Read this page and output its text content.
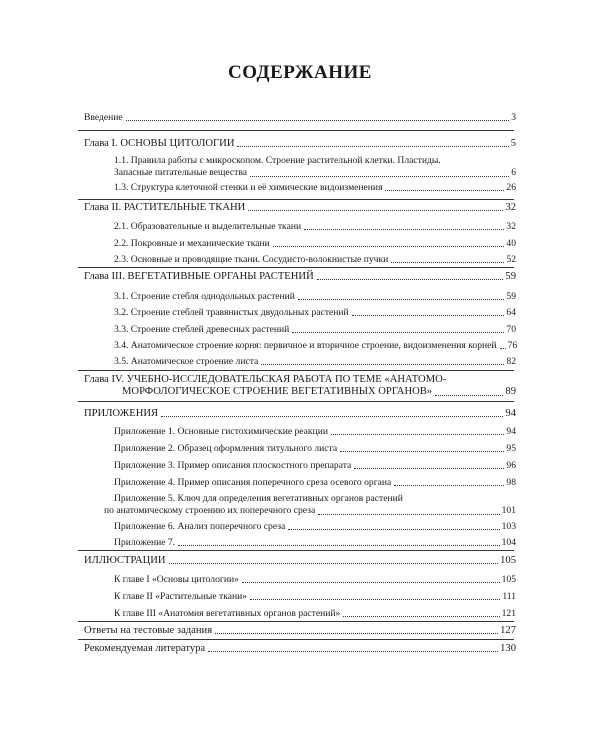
СОДЕРЖАНИЕ
Введение	3
Глава I. ОСНОВЫ ЦИТОЛОГИИ	5
1.1. Правила работы с микроскопом. Строение растительной клетки. Пластиды.
Запасные питательные вещества	6
1.3. Структура клеточной стенки и её химические видоизменения	26
Глава II. РАСТИТЕЛЬНЫЕ ТКАНИ	32
2.1. Образовательные и выделительные ткани	32
2.2. Покровные и механические ткани	40
2.3. Основные и проводящие ткани. Сосудисто-волокнистые пучки	52
Глава III. ВЕГЕТАТИВНЫЕ ОРГАНЫ РАСТЕНИЙ	59
3.1. Строение стебля однодольных растений	59
3.2. Строение стеблей травянистых двудольных растений	64
3.3. Строение стеблей древесных растений	70
3.4. Анатомическое строение корня: первичное и вторичное строение, видоизменения корней 76
3.5. Анатомическое строение листа	82
Глава IV. УЧЕБНО-ИССЛЕДОВАТЕЛЬСКАЯ РАБОТА ПО ТЕМЕ «АНАТОМО-
МОРФОЛОГИЧЕСКОЕ СТРОЕНИЕ ВЕГЕТАТИВНЫХ ОРГАНОВ»	89
ПРИЛОЖЕНИЯ	94
Приложение 1. Основные гистохимические реакции	94
Приложение 2. Образец оформления титульного листа	95
Приложение 3. Пример описания плоскостного препарата	96
Приложение 4. Пример описания поперечного среза осевого органа	98
Приложение 5. Ключ для определения вегетативных органов растений
по анатомическому строению их поперечного среза	101
Приложение 6. Анализ поперечного среза	103
Приложение 7.	104
ИЛЛЮСТРАЦИИ	105
К главе I «Основы цитологии»	105
К главе II «Растительные ткани»	111
К главе III «Анатомия вегетативных органов растений»	121
Ответы на тестовые задания	127
Рекомендуемая литература	130
